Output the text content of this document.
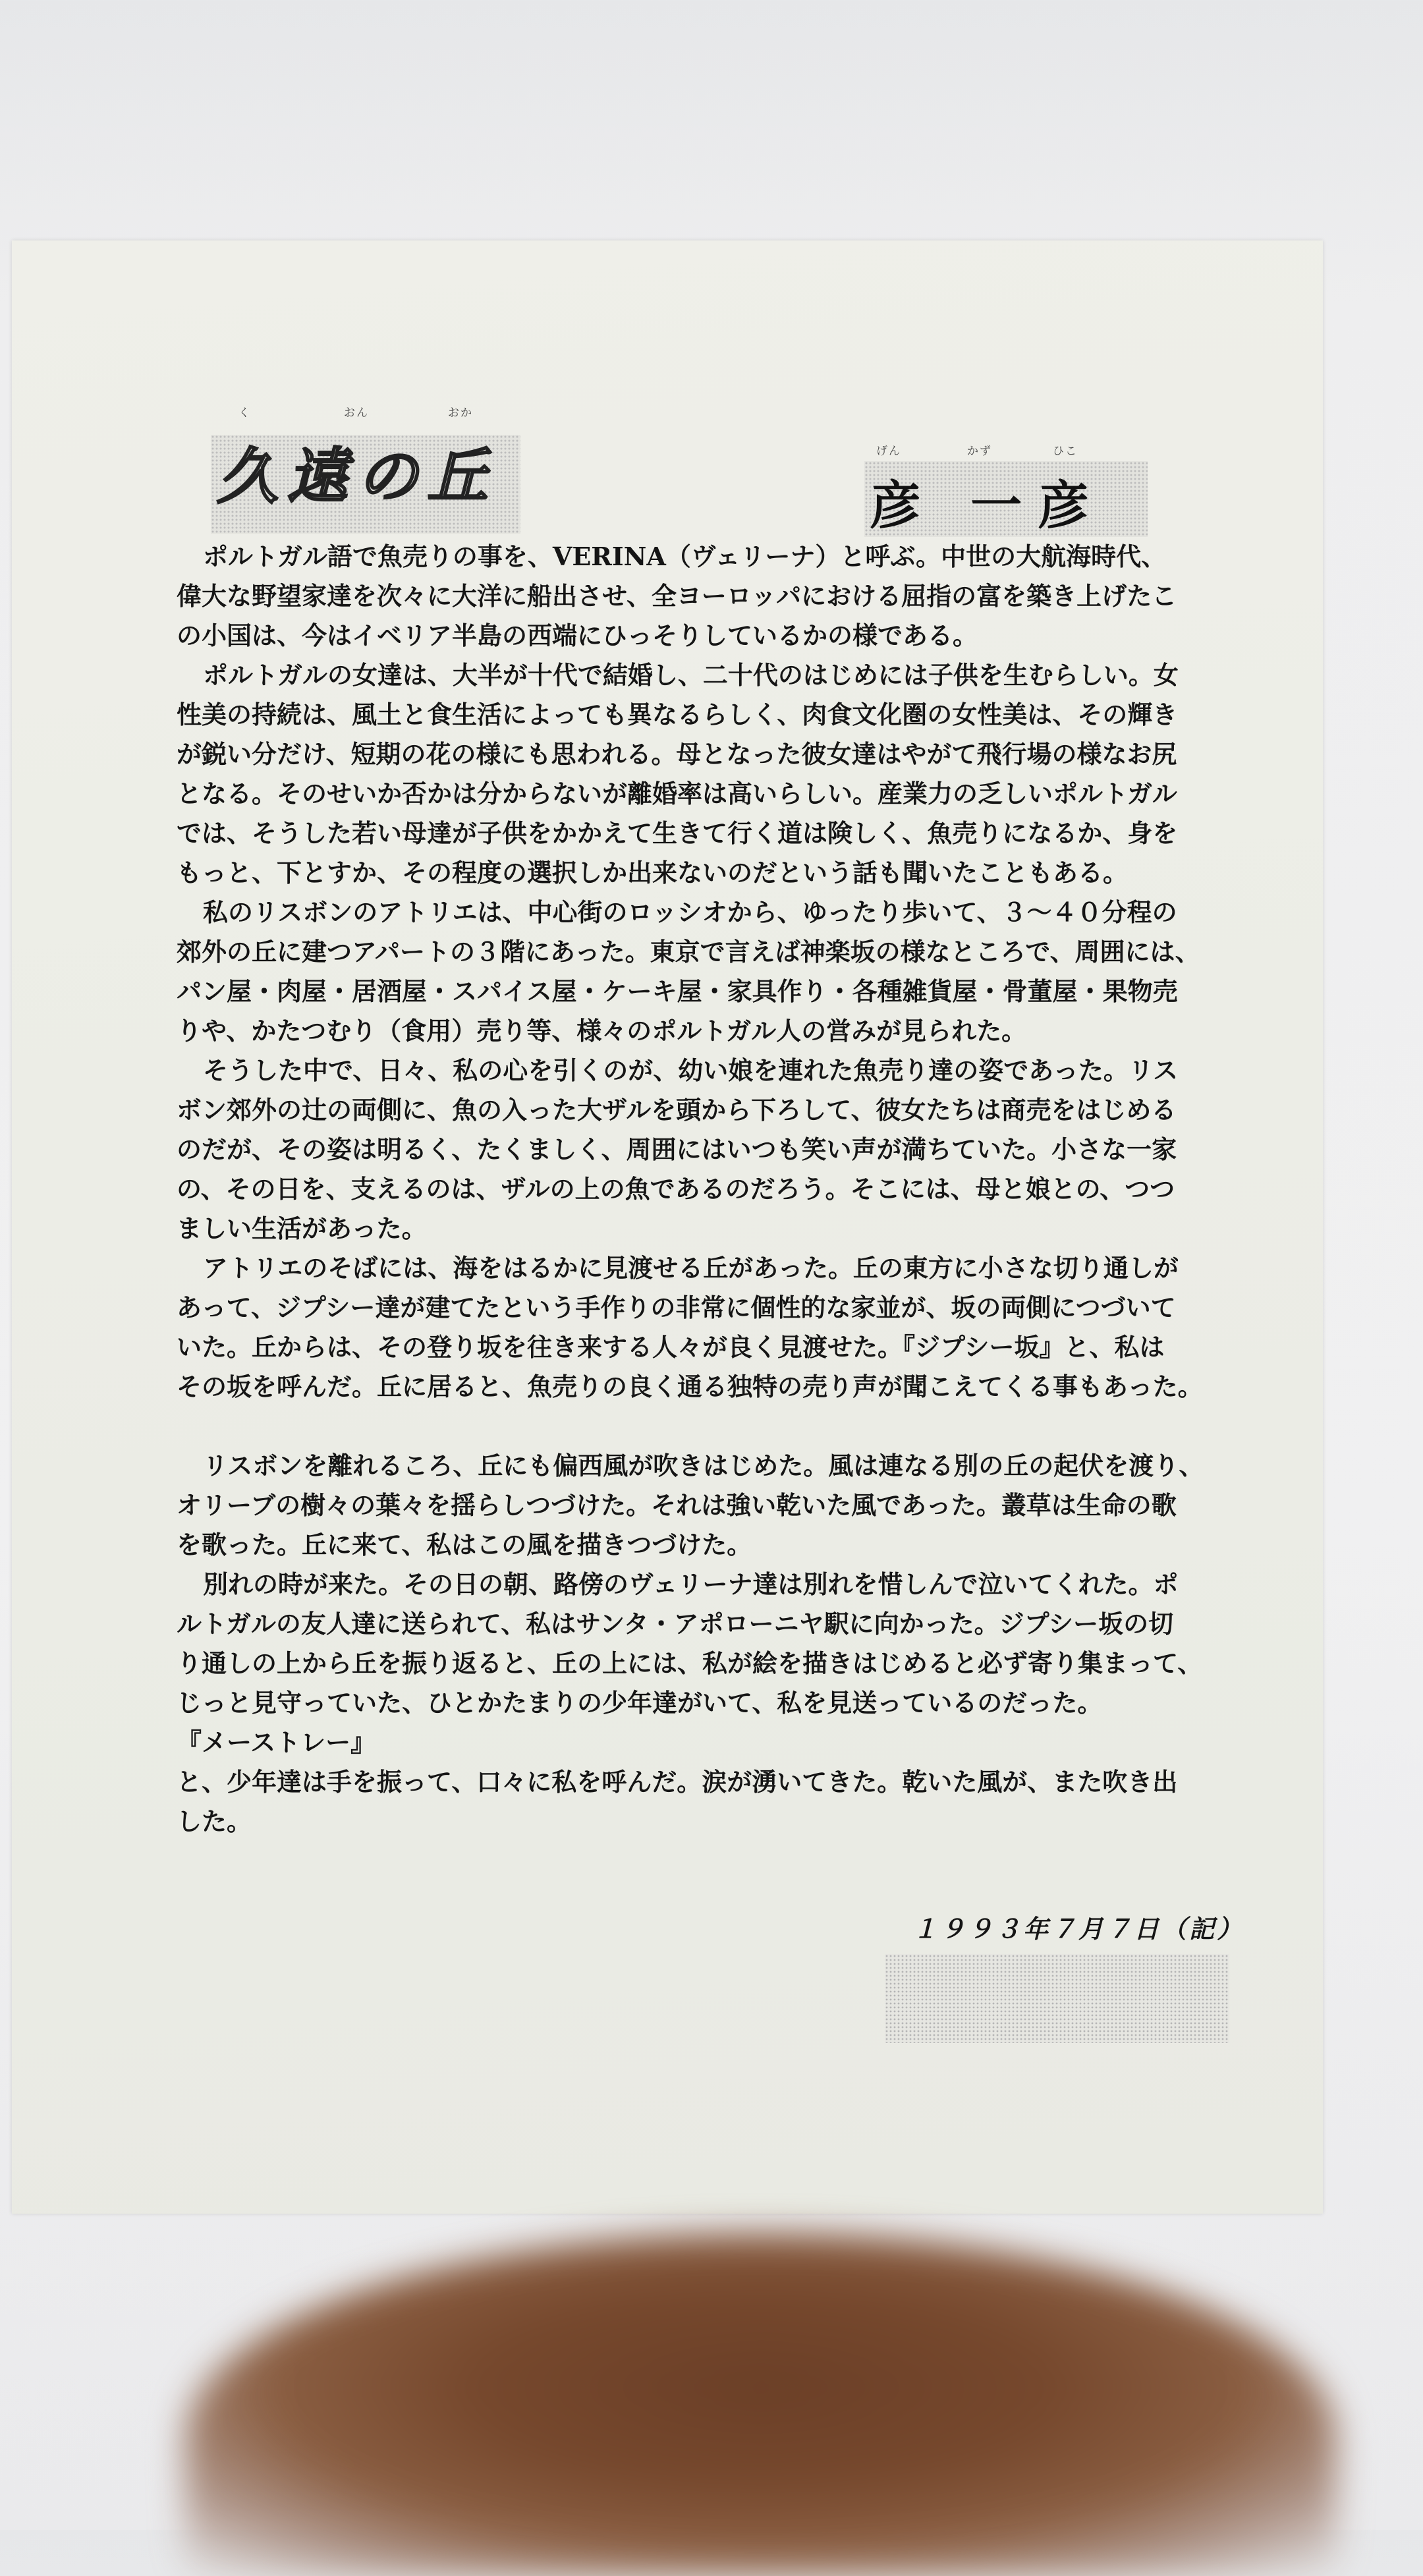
く	おん	おか
久遠の丘	げん	かず	ひこ
彦 一彦
ポルトガル語で魚売りの事を、VERINA（ヴェリーナ）と呼ぶ。中世の大航海時代、
偉大な野望家達を次々に大洋に船出させ、全ヨーロッパにおける屈指の富を築き上げたこ
の小国は、今はイベリア半島の西端にひっそりしているかの様である。
ポルトガルの女達は、大半が十代で結婚し、二十代のはじめには子供を生むらしい。女
性美の持続は、風土と食生活によっても異なるらしく、肉食文化圏の女性美は、その輝き
が鋭い分だけ、短期の花の様にも思われる。母となった彼女達はやがて飛行場の様なお尻
となる。そのせいか否かは分からないが離婚率は高いらしい。産業力の乏しいポルトガル
では、そうした若い母達が子供をかかえて生きて行く道は険しく、魚売りになるか、身を
もっと、下とすか、その程度の選択しか出来ないのだという話も聞いたこともある。
私のリスボンのアトリエは、中心街のロッシオから、ゆったり歩いて、３～４０分程の
郊外の丘に建つアパートの３階にあった。東京で言えば神楽坂の様なところで、周囲には、
パン屋・肉屋・居酒屋・スパイス屋・ケーキ屋・家具作り・各種雑貨屋・骨董屋・果物売
りや、かたつむり（食用）売り等、様々のポルトガル人の営みが見られた。
そうした中で、日々、私の心を引くのが、幼い娘を連れた魚売り達の姿であった。リス
ボン郊外の辻の両側に、魚の入った大ザルを頭から下ろして、彼女たちは商売をはじめる
のだが、その姿は明るく、たくましく、周囲にはいつも笑い声が満ちていた。小さな一家
の、その日を、支えるのは、ザルの上の魚であるのだろう。そこには、母と娘との、つつ
ましい生活があった。
アトリエのそばには、海をはるかに見渡せる丘があった。丘の東方に小さな切り通しが
あって、ジプシー達が建てたという手作りの非常に個性的な家並が、坂の両側につづいて
いた。丘からは、その登り坂を往き来する人々が良く見渡せた。『ジプシー坂』と、私は
その坂を呼んだ。丘に居ると、魚売りの良く通る独特の売り声が聞こえてくる事もあった。
リスボンを離れるころ、丘にも偏西風が吹きはじめた。風は連なる別の丘の起伏を渡り、
オリーブの樹々の葉々を揺らしつづけた。それは強い乾いた風であった。叢草は生命の歌
を歌った。丘に来て、私はこの風を描きつづけた。
別れの時が来た。その日の朝、路傍のヴェリーナ達は別れを惜しんで泣いてくれた。ポ
ルトガルの友人達に送られて、私はサンタ・アポローニヤ駅に向かった。ジプシー坂の切
り通しの上から丘を振り返ると、丘の上には、私が絵を描きはじめると必ず寄り集まって、
じっと見守っていた、ひとかたまりの少年達がいて、私を見送っているのだった。
『メーストレー』
と、少年達は手を振って、口々に私を呼んだ。涙が湧いてきた。乾いた風が、また吹き出
した。
１９９３年７月７日（記）
